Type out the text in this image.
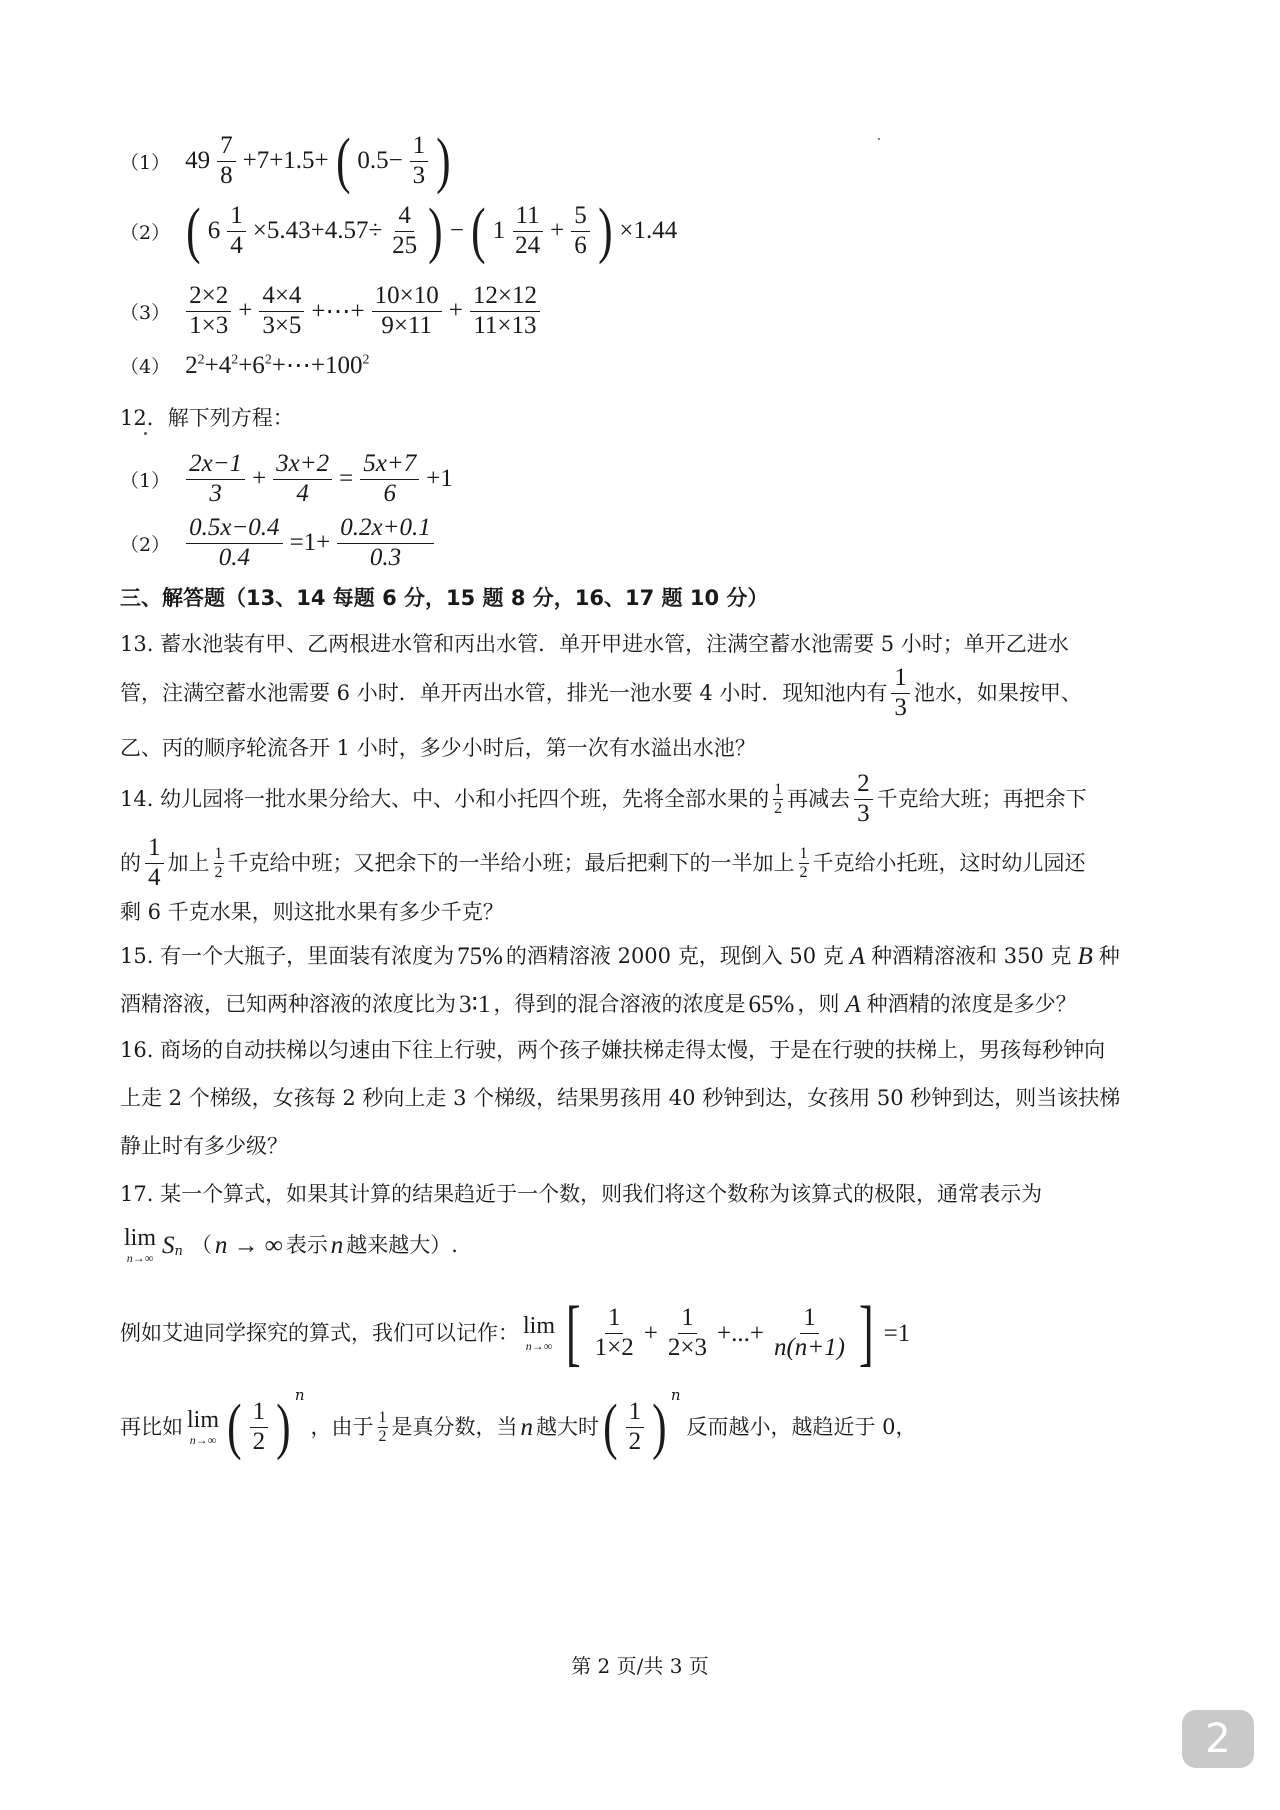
（1） $49 \frac{7}{8} +7+1.5+$ ( $0.5- \frac{1}{3}$ )
（2） ( $6 \frac{1}{4} \times 5.43+4.57\div \frac{4}{25}$ ) − ( $1 \frac{11}{24} + \frac{5}{6}$ ) ×1.44
$(3) \frac{2\times 2}{1\times 3} + \frac{4\times 4}{3\times 5}$ +⋯+ $\frac{10\times 10}{9\times 11} + \frac{12\times 12}{11\times 13}$
（4） $2^2+4^2+6^2+\cdots+100^2$
12．解下列方程：
$(1) \frac{2x-1}{3} + \frac{3x+2}{4} = \frac{5x+7}{6} +1$
$(2) \frac{0.5x-0.4}{0.4} =1+ \frac{0.2x+0.1}{0.3}$
三、解答题（13、14 每题 6 分，15 题 8 分，16、17 题 10 分）
13. 蓄水池装有甲、乙两根进水管和丙出水管．单开甲进水管，注满空蓄水池需要 5 小时；单开乙进水
管，注满空蓄水池需要 6 小时．单开丙出水管，排光一池水要 4 小时．现知池内有 $\frac{1}{3}$ 池水，如果按甲、
乙、丙的顺序轮流各开 1 小时，多少小时后，第一次有水溢出水池？
14. 幼儿园将一批水果分给大、中、小和小托四个班，先将全部水果的 $\frac{1}{2}$ 再减去 $\frac{2}{3}$ 千克给大班；再把余下
的 $\frac{1}{4}$ 加上 $\frac{1}{2}$ 千克给中班；又把余下的一半给小班；最后把剩下的一半加上 $\frac{1}{2}$ 千克给小托班，这时幼儿园还
剩 6 千克水果，则这批水果有多少千克？
15. 有一个大瓶子，里面装有浓度为 75% 的酒精溶液 2000 克，现倒入 50 克 A 种酒精溶液和 350 克 B 种
酒精溶液，已知两种溶液的浓度比为 3∶1 ，得到的混合溶液的浓度是 65% ，则 A 种酒精的浓度是多少？
16. 商场的自动扶梯以匀速由下往上行驶，两个孩子嫌扶梯走得太慢，于是在行驶的扶梯上，男孩每秒钟向
上走 2 个梯级，女孩每 2 秒向上走 3 个梯级，结果男孩用 40 秒钟到达，女孩用 50 秒钟到达，则当该扶梯
静止时有多少级？
17. 某一个算式，如果其计算的结果趋近于一个数，则我们将这个数称为该算式的极限，通常表示为
lim
n→∞ $S_n$ （ n → ∞ 表示 n 越来越大）.
例如艾迪同学探究的算式，我们可以记作： lim
n→∞ [ $\frac{1}{1\times 2} + \frac{1}{2\times 3}$ +...+ $\frac{1}{n(n+1)}$ ] =1
再比如 lim
n→∞ ( $\frac{1}{2}$ ) $^n$
，由于 $\frac{1}{2}$ 是真分数，当 n 越大时 ( $\frac{1}{2}$ ) $^n$
反而越小，越趋近于 0，
第 2 页/共 3 页
2
